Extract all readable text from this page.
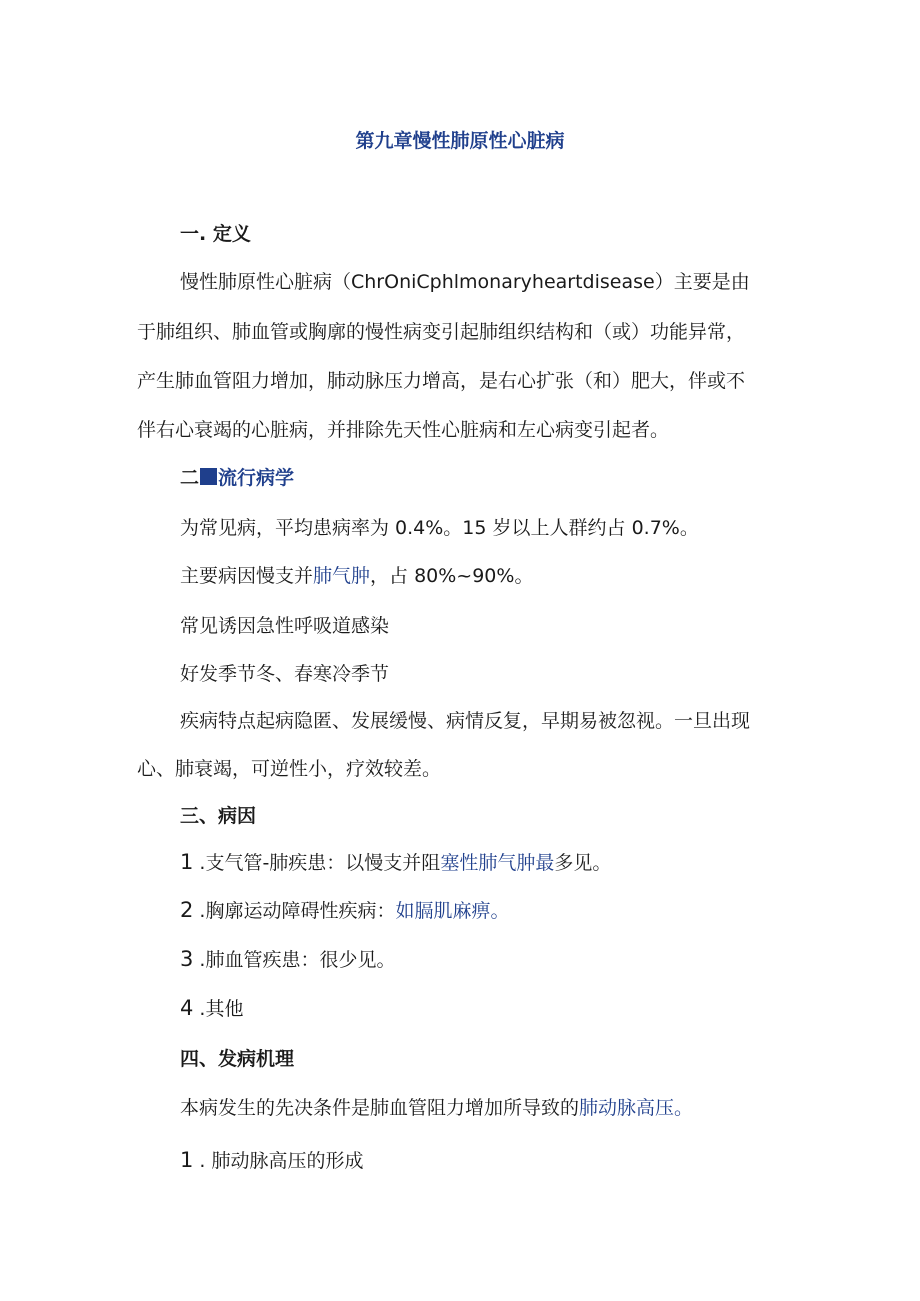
第九章慢性肺原性心脏病
一. 定义
慢性肺原性心脏病（ChrOniCphlmonaryheartdisease）主要是由
于肺组织、肺血管或胸廓的慢性病变引起肺组织结构和（或）功能异常，
产生肺血管阻力增加，肺动脉压力增高，是右心扩张（和）肥大，伴或不
伴右心衰竭的心脏病，并排除先天性心脏病和左心病变引起者。
二 流行病学
为常见病，平均患病率为 0.4%。15 岁以上人群约占 0.7%。
主要病因慢支并肺气肿，占 80%~90%。
常见诱因急性呼吸道感染
好发季节冬、春寒冷季节
疾病特点起病隐匿、发展缓慢、病情反复，早期易被忽视。一旦出现
心、肺衰竭，可逆性小，疗效较差。
三、病因
1 .支气管-肺疾患：以慢支并阻塞性肺气肿最多见。
2 .胸廓运动障碍性疾病：如膈肌麻痹。
3 .肺血管疾患：很少见。
4 .其他
四、发病机理
本病发生的先决条件是肺血管阻力增加所导致的肺动脉高压。
1 . 肺动脉高压的形成
